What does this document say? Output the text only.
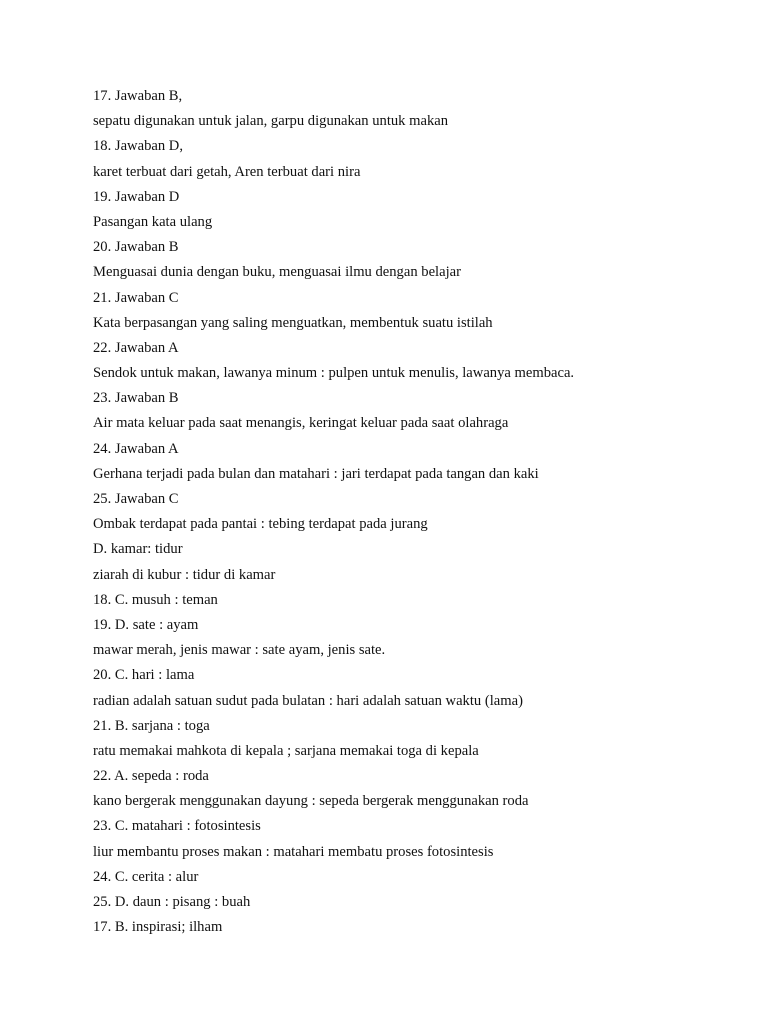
17. Jawaban B,
sepatu digunakan untuk jalan, garpu digunakan untuk makan
18. Jawaban D,
karet terbuat dari getah, Aren terbuat dari nira
19. Jawaban D
Pasangan kata ulang
20. Jawaban B
Menguasai dunia dengan buku, menguasai ilmu dengan belajar
21. Jawaban C
Kata berpasangan yang saling menguatkan, membentuk suatu istilah
22. Jawaban A
Sendok untuk makan, lawanya minum : pulpen untuk menulis, lawanya membaca.
23. Jawaban B
Air mata keluar pada saat menangis, keringat keluar pada saat olahraga
24. Jawaban A
Gerhana terjadi pada bulan dan matahari : jari terdapat pada tangan dan kaki
25. Jawaban C
Ombak terdapat pada pantai : tebing terdapat pada jurang
D. kamar: tidur
ziarah di kubur : tidur di kamar
18. C. musuh : teman
19. D. sate : ayam
mawar merah, jenis mawar : sate ayam, jenis sate.
20. C. hari : lama
radian adalah satuan sudut pada bulatan : hari adalah satuan waktu (lama)
21. B. sarjana : toga
ratu memakai mahkota di kepala ; sarjana memakai toga di kepala
22. A. sepeda : roda
kano bergerak menggunakan dayung : sepeda bergerak menggunakan roda
23. C. matahari : fotosintesis
liur membantu proses makan : matahari membatu proses fotosintesis
24. C. cerita : alur
25. D. daun : pisang : buah
17. B. inspirasi; ilham
